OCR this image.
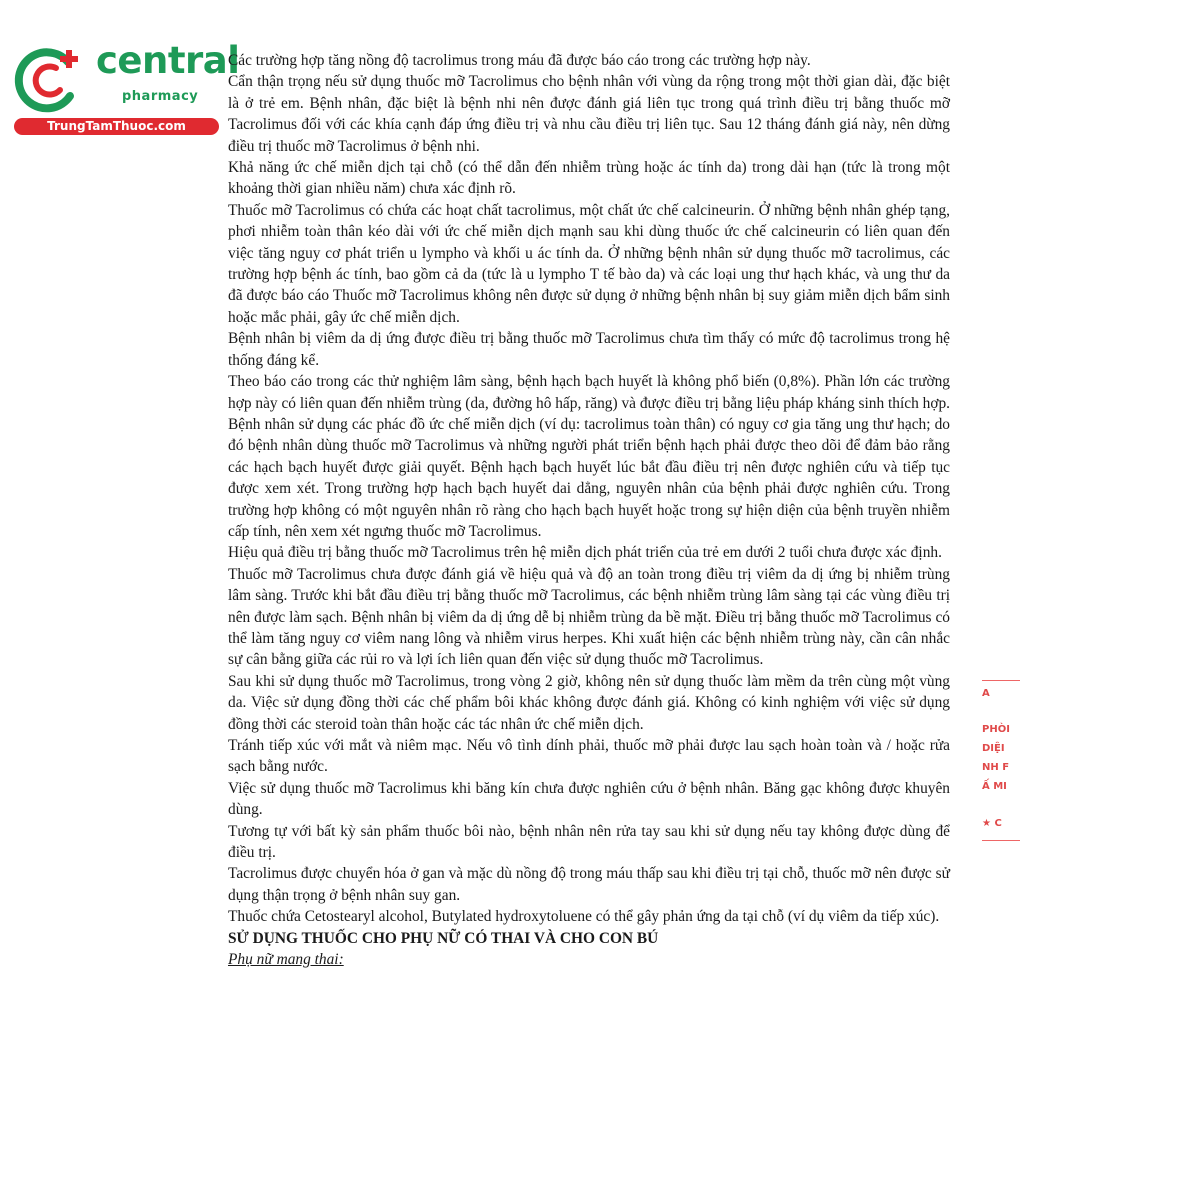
central
pharmacy
TrungTamThuoc.com

Các trường hợp tăng nồng độ tacrolimus trong máu đã được báo cáo trong các trường hợp này.

Cẩn thận trọng nếu sử dụng thuốc mỡ Tacrolimus cho bệnh nhân với vùng da rộng trong một thời gian dài, đặc biệt là ở trẻ em. Bệnh nhân, đặc biệt là bệnh nhi nên được đánh giá liên tục trong quá trình điều trị bằng thuốc mỡ Tacrolimus đối với các khía cạnh đáp ứng điều trị và nhu cầu điều trị liên tục. Sau 12 tháng đánh giá này, nên dừng điều trị thuốc mỡ Tacrolimus ở bệnh nhi.

Khả năng ức chế miễn dịch tại chỗ (có thể dẫn đến nhiễm trùng hoặc ác tính da) trong dài hạn (tức là trong một khoảng thời gian nhiều năm) chưa xác định rõ.

Thuốc mỡ Tacrolimus có chứa các hoạt chất tacrolimus, một chất ức chế calcineurin. Ở những bệnh nhân ghép tạng, phơi nhiễm toàn thân kéo dài với ức chế miễn dịch mạnh sau khi dùng thuốc ức chế calcineurin có liên quan đến việc tăng nguy cơ phát triển u lympho và khối u ác tính da. Ở những bệnh nhân sử dụng thuốc mỡ tacrolimus, các trường hợp bệnh ác tính, bao gồm cả da (tức là u lympho T tế bào da) và các loại ung thư hạch khác, và ung thư da đã được báo cáo Thuốc mỡ Tacrolimus không nên được sử dụng ở những bệnh nhân bị suy giảm miễn dịch bẩm sinh hoặc mắc phải, gây ức chế miễn dịch.

Bệnh nhân bị viêm da dị ứng được điều trị bằng thuốc mỡ Tacrolimus chưa tìm thấy có mức độ tacrolimus trong hệ thống đáng kể.

Theo báo cáo trong các thử nghiệm lâm sàng, bệnh hạch bạch huyết là không phổ biến (0,8%). Phần lớn các trường hợp này có liên quan đến nhiễm trùng (da, đường hô hấp, răng) và được điều trị bằng liệu pháp kháng sinh thích hợp. Bệnh nhân sử dụng các phác đồ ức chế miễn dịch (ví dụ: tacrolimus toàn thân) có nguy cơ gia tăng ung thư hạch; do đó bệnh nhân dùng thuốc mỡ Tacrolimus và những người phát triển bệnh hạch phải được theo dõi để đảm bảo rằng các hạch bạch huyết được giải quyết. Bệnh hạch bạch huyết lúc bắt đầu điều trị nên được nghiên cứu và tiếp tục được xem xét. Trong trường hợp hạch bạch huyết dai dẳng, nguyên nhân của bệnh phải được nghiên cứu. Trong trường hợp không có một nguyên nhân rõ ràng cho hạch bạch huyết hoặc trong sự hiện diện của bệnh truyền nhiễm cấp tính, nên xem xét ngưng thuốc mỡ Tacrolimus.

Hiệu quả điều trị bằng thuốc mỡ Tacrolimus trên hệ miễn dịch phát triển của trẻ em dưới 2 tuổi chưa được xác định.

Thuốc mỡ Tacrolimus chưa được đánh giá về hiệu quả và độ an toàn trong điều trị viêm da dị ứng bị nhiễm trùng lâm sàng. Trước khi bắt đầu điều trị bằng thuốc mỡ Tacrolimus, các bệnh nhiễm trùng lâm sàng tại các vùng điều trị nên được làm sạch. Bệnh nhân bị viêm da dị ứng dễ bị nhiễm trùng da bề mặt. Điều trị bằng thuốc mỡ Tacrolimus có thể làm tăng nguy cơ viêm nang lông và nhiễm virus herpes. Khi xuất hiện các bệnh nhiễm trùng này, cần cân nhắc sự cân bằng giữa các rủi ro và lợi ích liên quan đến việc sử dụng thuốc mỡ Tacrolimus.

Sau khi sử dụng thuốc mỡ Tacrolimus, trong vòng 2 giờ, không nên sử dụng thuốc làm mềm da trên cùng một vùng da. Việc sử dụng đồng thời các chế phẩm bôi khác không được đánh giá. Không có kinh nghiệm với việc sử dụng đồng thời các steroid toàn thân hoặc các tác nhân ức chế miễn dịch.

Tránh tiếp xúc với mắt và niêm mạc. Nếu vô tình dính phải, thuốc mỡ phải được lau sạch hoàn toàn và / hoặc rửa sạch bằng nước.

Việc sử dụng thuốc mỡ Tacrolimus khi băng kín chưa được nghiên cứu ở bệnh nhân. Băng gạc không được khuyên dùng.

Tương tự với bất kỳ sản phẩm thuốc bôi nào, bệnh nhân nên rửa tay sau khi sử dụng nếu tay không được dùng để điều trị.

Tacrolimus được chuyển hóa ở gan và mặc dù nồng độ trong máu thấp sau khi điều trị tại chỗ, thuốc mỡ nên được sử dụng thận trọng ở bệnh nhân suy gan.

Thuốc chứa Cetostearyl alcohol, Butylated hydroxytoluene có thể gây phản ứng da tại chỗ (ví dụ viêm da tiếp xúc).

SỬ DỤNG THUỐC CHO PHỤ NỮ CÓ THAI VÀ CHO CON BÚ

Phụ nữ mang thai:

A
PHÒI
DIỆI
NH F
Ấ MI
★ C
